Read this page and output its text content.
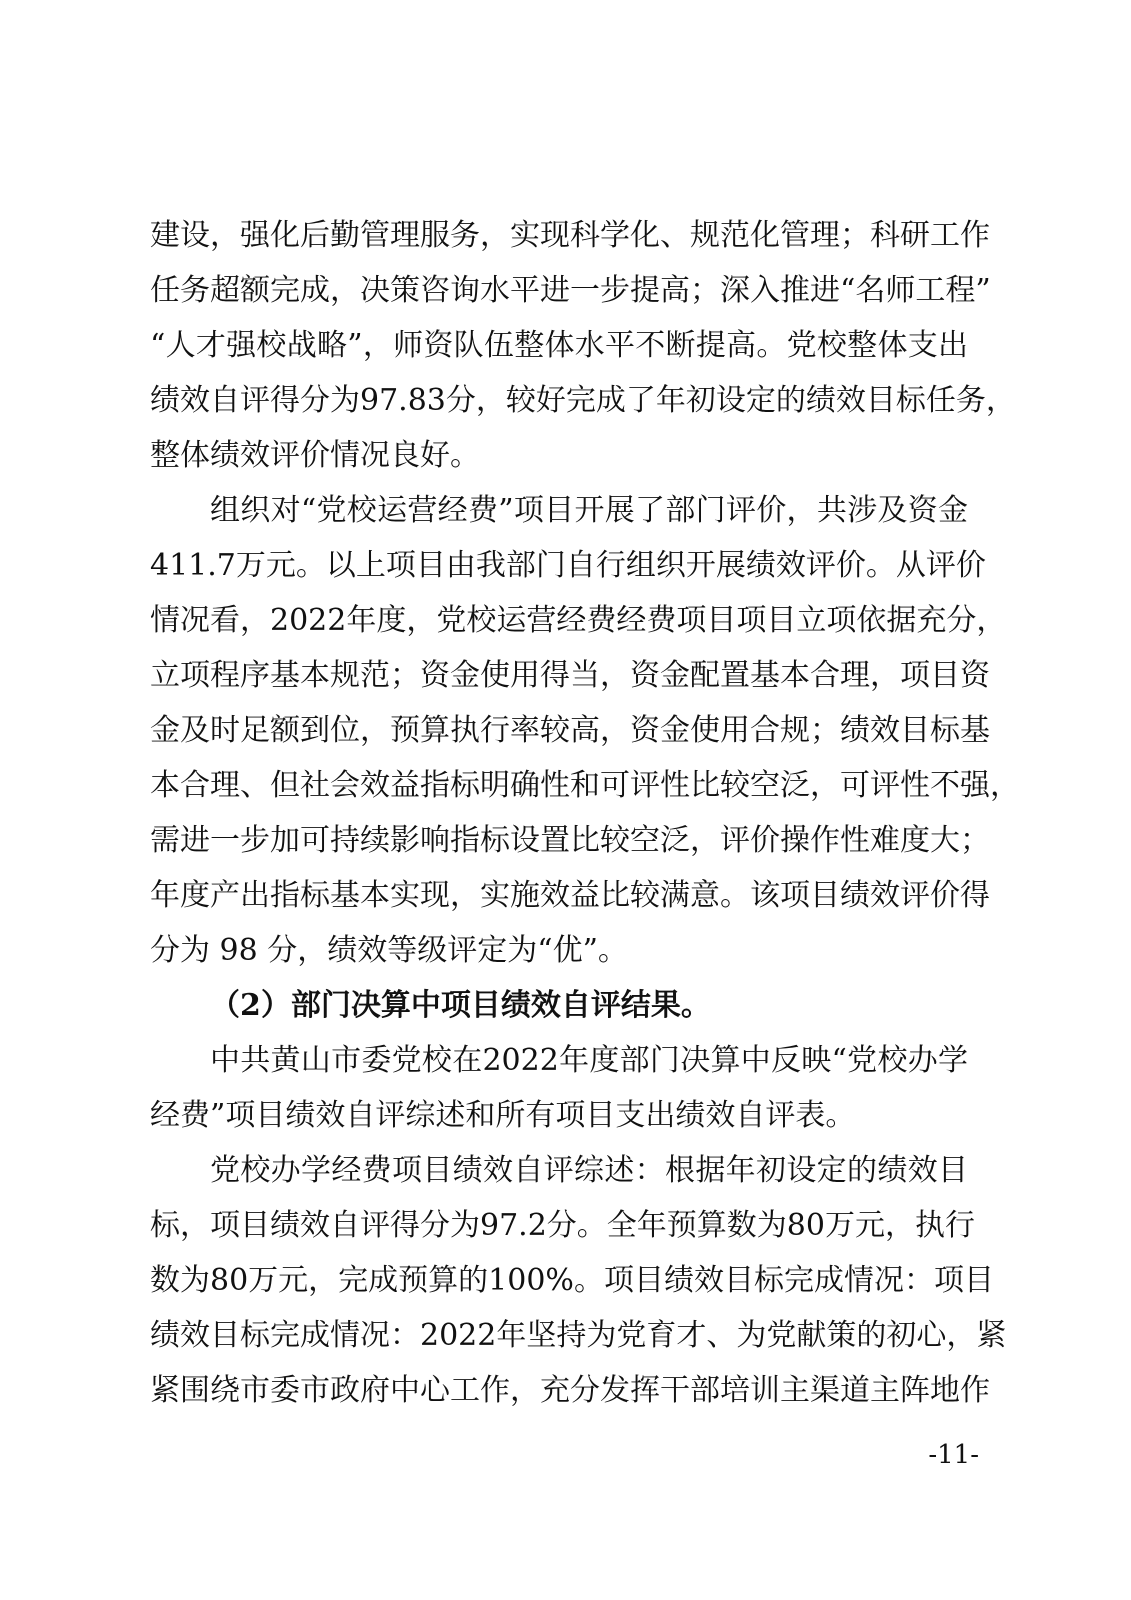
建设，强化后勤管理服务，实现科学化、规范化管理；科研工作
任务超额完成，决策咨询水平进一步提高；深入推进“名师工程”
“人才强校战略”，师资队伍整体水平不断提高。党校整体支出
绩效自评得分为97.83分，较好完成了年初设定的绩效目标任务，
整体绩效评价情况良好。
组织对“党校运营经费”项目开展了部门评价，共涉及资金
411.7万元。以上项目由我部门自行组织开展绩效评价。从评价
情况看，2022年度，党校运营经费经费项目项目立项依据充分，
立项程序基本规范；资金使用得当，资金配置基本合理，项目资
金及时足额到位，预算执行率较高，资金使用合规；绩效目标基
本合理、但社会效益指标明确性和可评性比较空泛，可评性不强，
需进一步加可持续影响指标设置比较空泛，评价操作性难度大；
年度产出指标基本实现，实施效益比较满意。该项目绩效评价得
分为 98 分，绩效等级评定为“优”。
（2）部门决算中项目绩效自评结果。
中共黄山市委党校在2022年度部门决算中反映“党校办学
经费”项目绩效自评综述和所有项目支出绩效自评表。
党校办学经费项目绩效自评综述：根据年初设定的绩效目
标，项目绩效自评得分为97.2分。全年预算数为80万元，执行
数为80万元，完成预算的100%。项目绩效目标完成情况：项目
绩效目标完成情况：2022年坚持为党育才、为党献策的初心，紧
紧围绕市委市政府中心工作，充分发挥干部培训主渠道主阵地作
-11-
